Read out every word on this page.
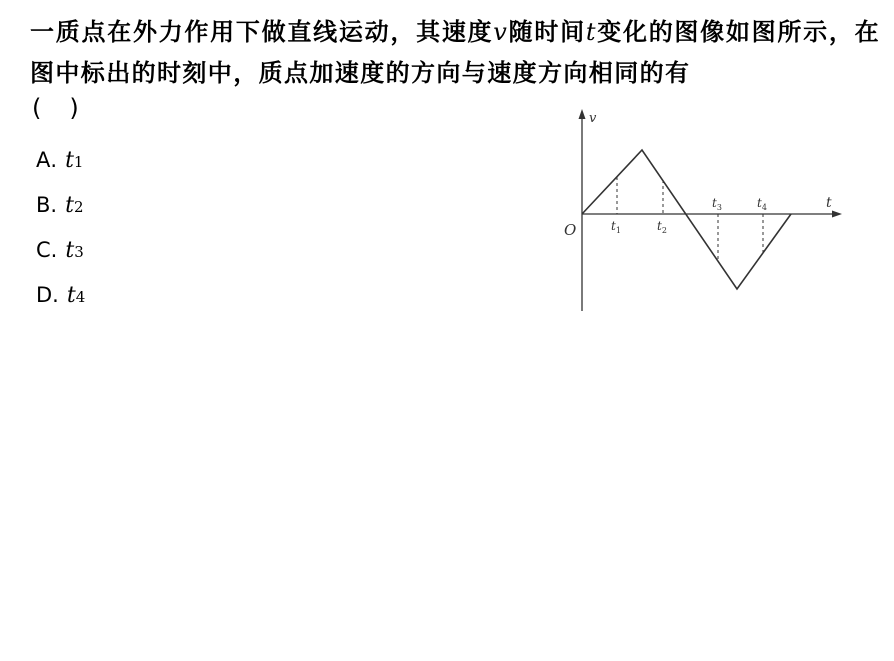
一质点在外力作用下做直线运动，其速度v随时间t变化的图像如图所示，在图中标出的时刻中，质点加速度的方向与速度方向相同的有
(　)
A . t 1
B . t 2
C . t 3
D . t 4
v
t
O	$t_1$	$t_2$
$t_3$	$t_4$
